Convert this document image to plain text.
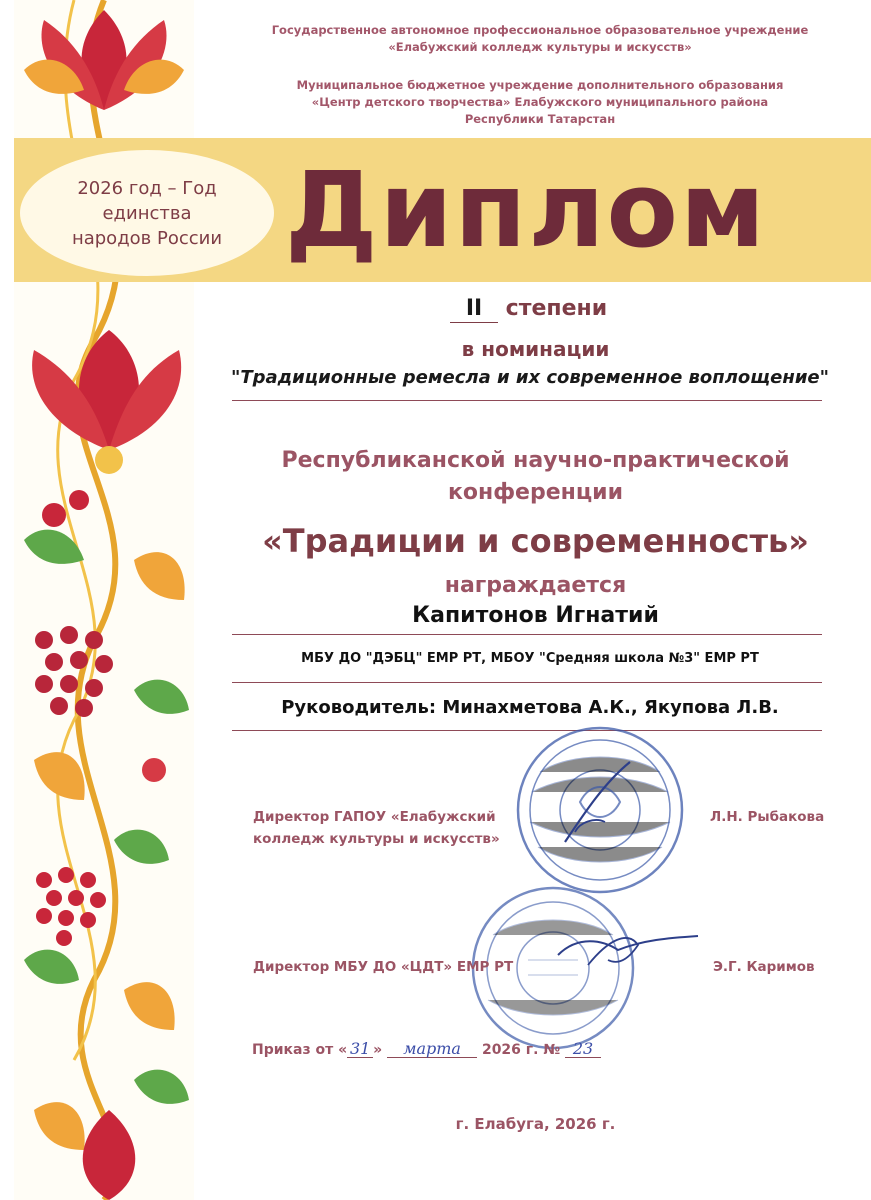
Государственное автономное профессиональное образовательное учреждение
«Елабужский колледж культуры и искусств»
Муниципальное бюджетное учреждение дополнительного образования
«Центр детского творчества» Елабужского муниципального района
Республики Татарстан
2026 год – Год
единства
народов России Диплом
II степени
в номинации
"Традиционные ремесла и их современное воплощение"
Республиканской научно-практической
конференции
«Традиции и современность»
награждается
Капитонов Игнатий
МБУ ДО "ДЭБЦ" ЕМР РТ, МБОУ "Средняя школа №3" ЕМР РТ
Руководитель: Минахметова А.К., Якупова Л.В.
Директор ГАПОУ «Елабужский
колледж культуры и искусств»
Л.Н. Рыбакова
Директор МБУ ДО «ЦДТ» ЕМР РТ	Э.Г. Каримов
Приказ от « 31 » марта 2026 г. № 23
г. Елабуга, 2026 г.
